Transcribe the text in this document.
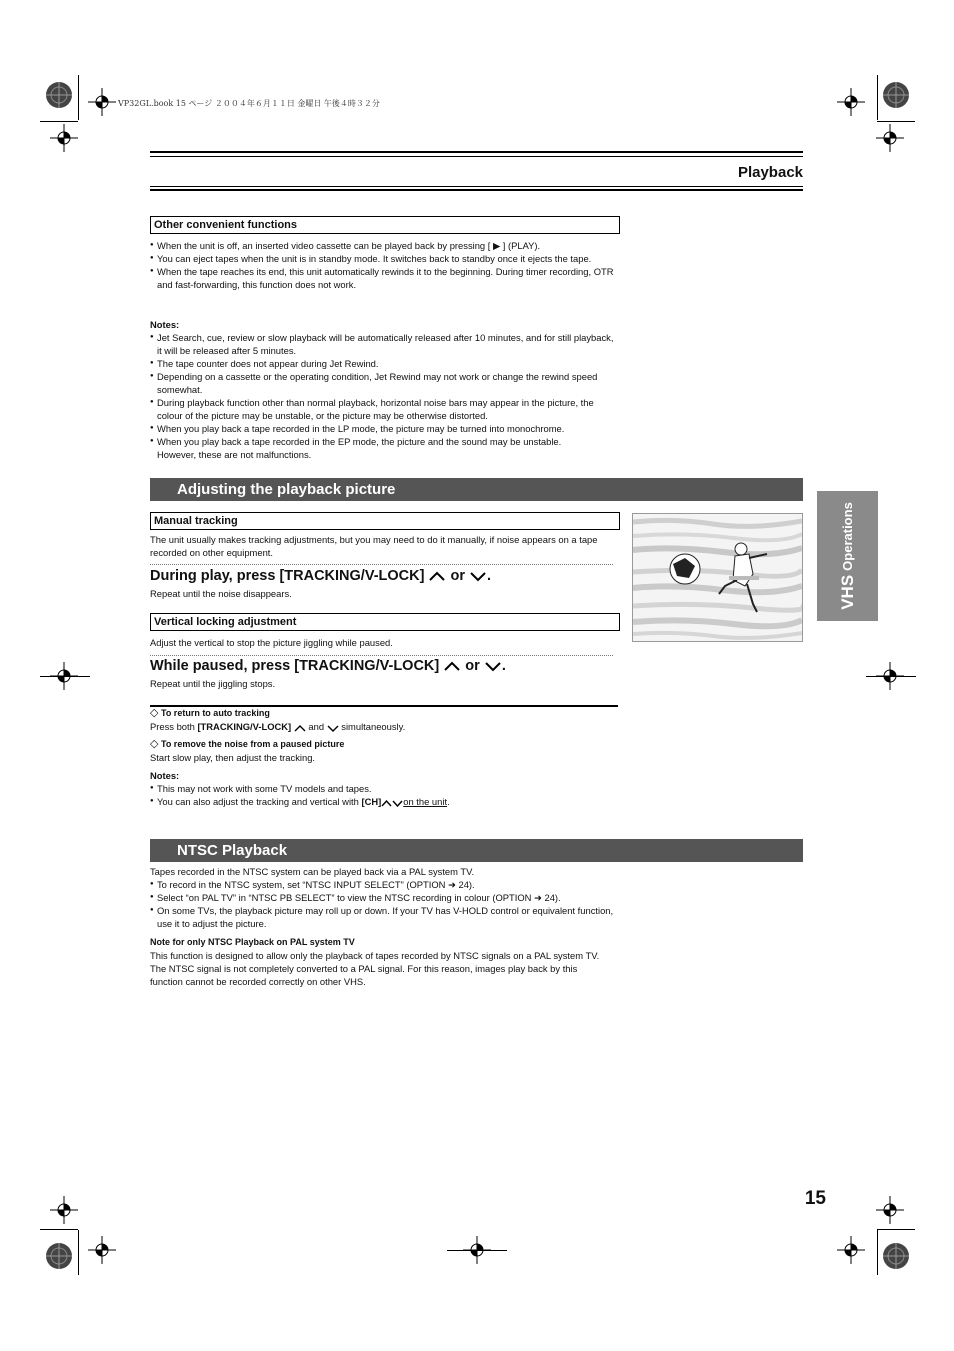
VP32GL.book 15 ページ ２００４年６月１１日 金曜日 午後４時３２分
Playback
Other convenient functions
● When the unit is off, an inserted video cassette can be played back by pressing [ ▶ ] (PLAY).
● You can eject tapes when the unit is in standby mode. It switches back to standby once it ejects the tape.
● When the tape reaches its end, this unit automatically rewinds it to the beginning. During timer recording, OTR and fast-forwarding, this function does not work.
Notes:
● Jet Search, cue, review or slow playback will be automatically released after 10 minutes, and for still playback, it will be released after 5 minutes.
● The tape counter does not appear during Jet Rewind.
● Depending on a cassette or the operating condition, Jet Rewind may not work or change the rewind speed somewhat.
● During playback function other than normal playback, horizontal noise bars may appear in the picture, the colour of the picture may be unstable, or the picture may be otherwise distorted.
● When you play back a tape recorded in the LP mode, the picture may be turned into monochrome.
● When you play back a tape recorded in the EP mode, the picture and the sound may be unstable.
However, these are not malfunctions.
Adjusting the playback picture
Manual tracking
The unit usually makes tracking adjustments, but you may need to do it manually, if noise appears on a tape recorded on other equipment.
During play, press [TRACKING/V-LOCK] or .
Repeat until the noise disappears.
Vertical locking adjustment
Adjust the vertical to stop the picture jiggling while paused.
While paused, press [TRACKING/V-LOCK] or .
Repeat until the jiggling stops.
◇ To return to auto tracking
Press both [TRACKING/V-LOCK] and simultaneously.
◇ To remove the noise from a paused picture
Start slow play, then adjust the tracking.
Notes:
● This may not work with some TV models and tapes.
● You can also adjust the tracking and vertical with [CH] on the unit.
NTSC Playback
Tapes recorded in the NTSC system can be played back via a PAL system TV.
● To record in the NTSC system, set “NTSC INPUT SELECT” (OPTION ➜ 24).
● Select “on PAL TV” in “NTSC PB SELECT” to view the NTSC recording in colour (OPTION ➜ 24).
● On some TVs, the playback picture may roll up or down. If your TV has V-HOLD control or equivalent function, use it to adjust the picture.
Note for only NTSC Playback on PAL system TV
This function is designed to allow only the playback of tapes recorded by NTSC signals on a PAL system TV. The NTSC signal is not completely converted to a PAL signal. For this reason, images play back by this function cannot be recorded correctly on other VHS.
VHS
Operations
15
